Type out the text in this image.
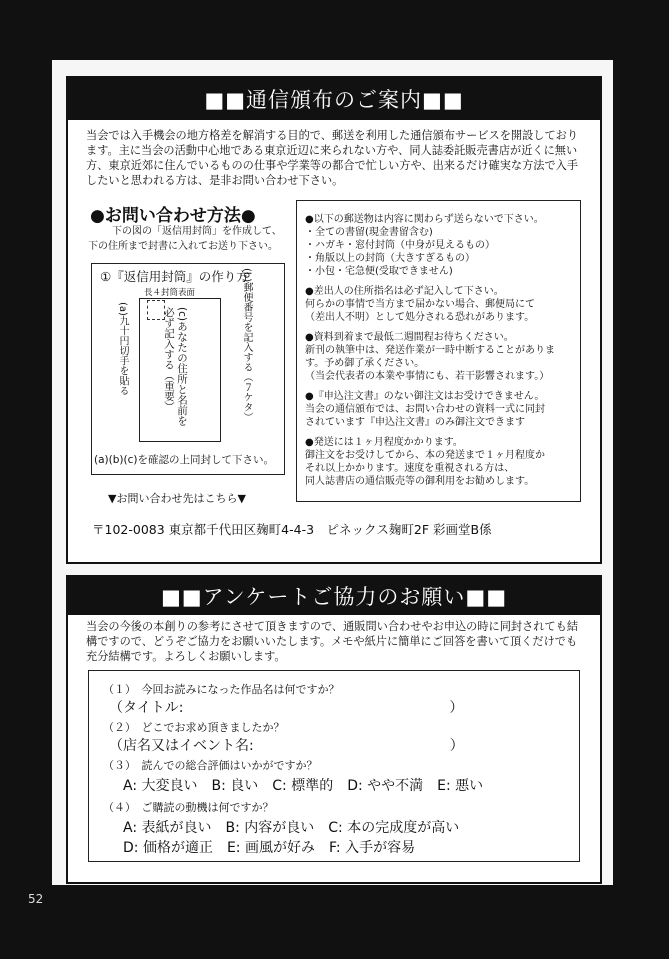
■■通信頒布のご案内■■
当会では入手機会の地方格差を解消する目的で、郵送を利用した通信頒布サービスを開設しております。主に当会の活動中心地である東京近辺に来られない方や、同人誌委託販売書店が近くに無い方、東京近郊に住んでいるものの仕事や学業等の都合で忙しい方や、出来るだけ確実な方法で入手したいと思われる方は、是非お問い合わせ下さい。
●お問い合わせ方法●
下の図の「返信用封筒」を作成して、
下の住所まで封書に入れてお送り下さい。
①『返信用封筒』の作り方
長４封筒表面
(a)九十円切手を貼る	(c)あなたの住所と名前を必ず記入する（重要）	(b)郵便番号を記入する（７ケタ）
(a)(b)(c)を確認の上同封して下さい。
▼お問い合わせ先はこちら▼
●以下の郵送物は内容に関わらず送らないで下さい。
・全ての書留(現金書留含む)
・ハガキ・窓付封筒（中身が見えるもの）
・角版以上の封筒（大きすぎるもの）
・小包・宅急便(受取できません)
●差出人の住所指名は必ず記入して下さい。
何らかの事情で当方まで届かない場合、郵便局にて
（差出人不明）として処分される恐れがあります。
●資料到着まで最低二週間程お待ちください。
新刊の執筆中は、発送作業が一時中断することがありま
す。予め御了承ください。
（当会代表者の本業や事情にも、若干影響されます。）
●『申込注文書』のない御注文はお受けできません。
当会の通信頒布では、お問い合わせの資料一式に同封
されています『申込注文書』のみ御注文できます
●発送には１ヶ月程度かかります。
御注文をお受けしてから、本の発送まで１ヶ月程度か
それ以上かかります。速度を重視される方は、
同人誌書店の通信販売等の御利用をお勧めします。
〒102-0083 東京都千代田区麹町4-4-3　ピネックス麹町2F 彩画堂B係
■■アンケートご協力のお願い■■
当会の今後の本創りの参考にさせて頂きますので、通販問い合わせやお申込の時に同封されても結構ですので、どうぞご協力をお願いいたします。メモや紙片に簡単にご回答を書いて頂くだけでも充分結構です。よろしくお願いします。
（１）　今回お読みになった作品名は何ですか？
（タイトル:　　　　　　　　　　　　　　　　　　　）
（２）　どこでお求め頂きましたか？
（店名又はイベント名:　　　　　　　　　　　　　　）
（３）　読んでの総合評価はいかがですか？
A: 大変良い　B: 良い　C: 標準的　D: やや不満　E: 悪い
（４）　ご購読の動機は何ですか？
A: 表紙が良い　B: 内容が良い　C: 本の完成度が高い
D: 価格が適正　E: 画風が好み　F: 入手が容易
52
